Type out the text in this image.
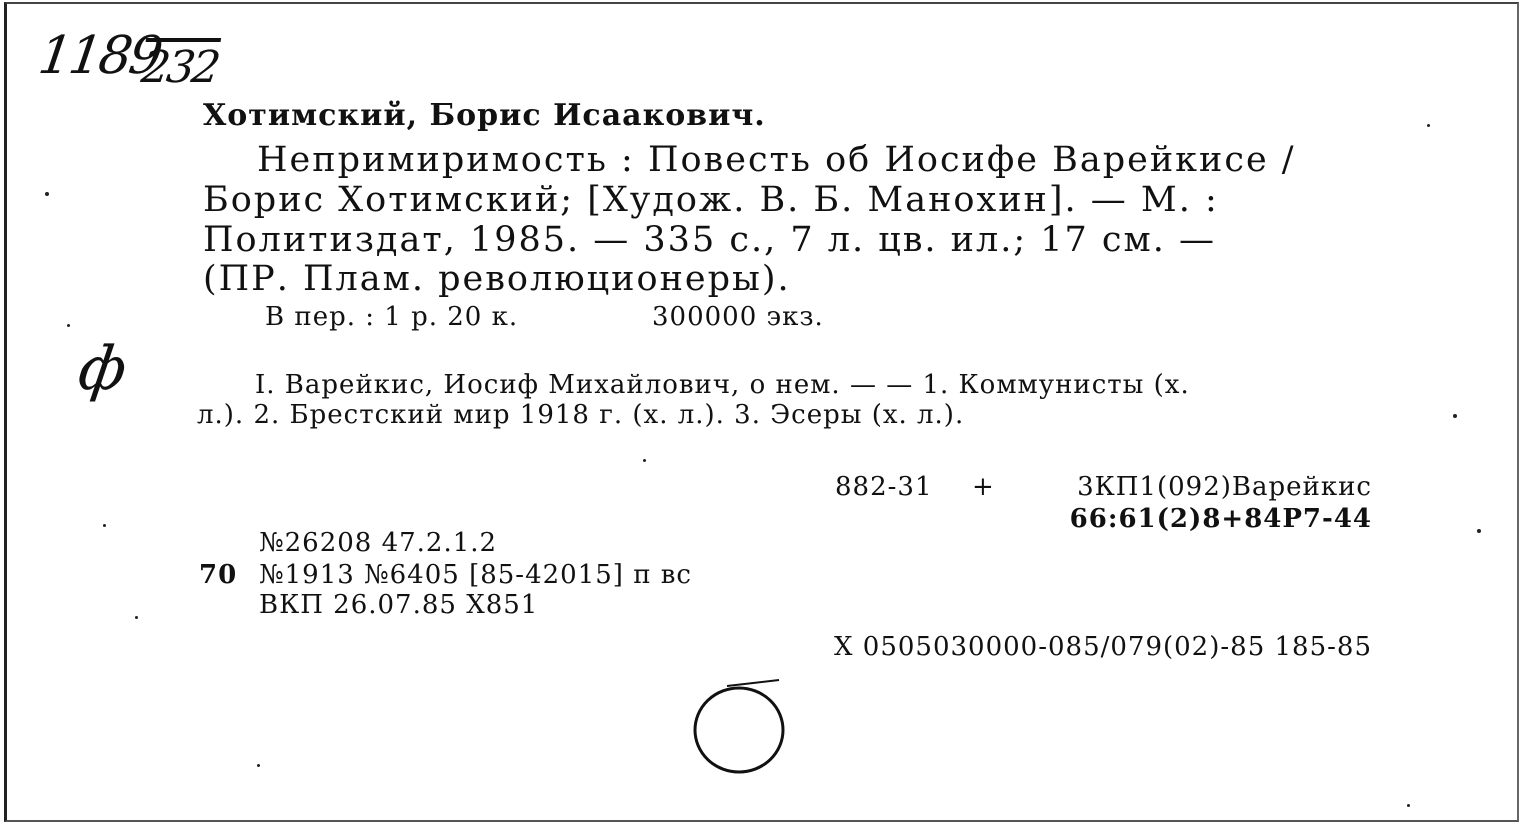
1189
232
Хотимский, Борис Исаакович.
Непримиримость : Повесть об Иосифе Варейкисе /
Борис Хотимский; [Худож. В. Б. Манохин]. — М. :
Политиздат, 1985. — 335 с., 7 л. цв. ил.; 17 см. —
(ПР. Плам. революционеры).
В пер. : 1 р. 20 к.	300000 экз.
ф	I. Варейкис, Иосиф Михайлович, о нем. — — 1. Коммунисты (х.
л.). 2. Брестский мир 1918 г. (х. л.). 3. Эсеры (х. л.).
882-31 +	3КП1(092)Варейкис
66:61(2)8+84Р7-44
№26208 47.2.1.2
70 №1913 №6405 [85-42015] п вс
ВКП 26.07.85 Х851
X 0505030000-085/079(02)-85 185-85
